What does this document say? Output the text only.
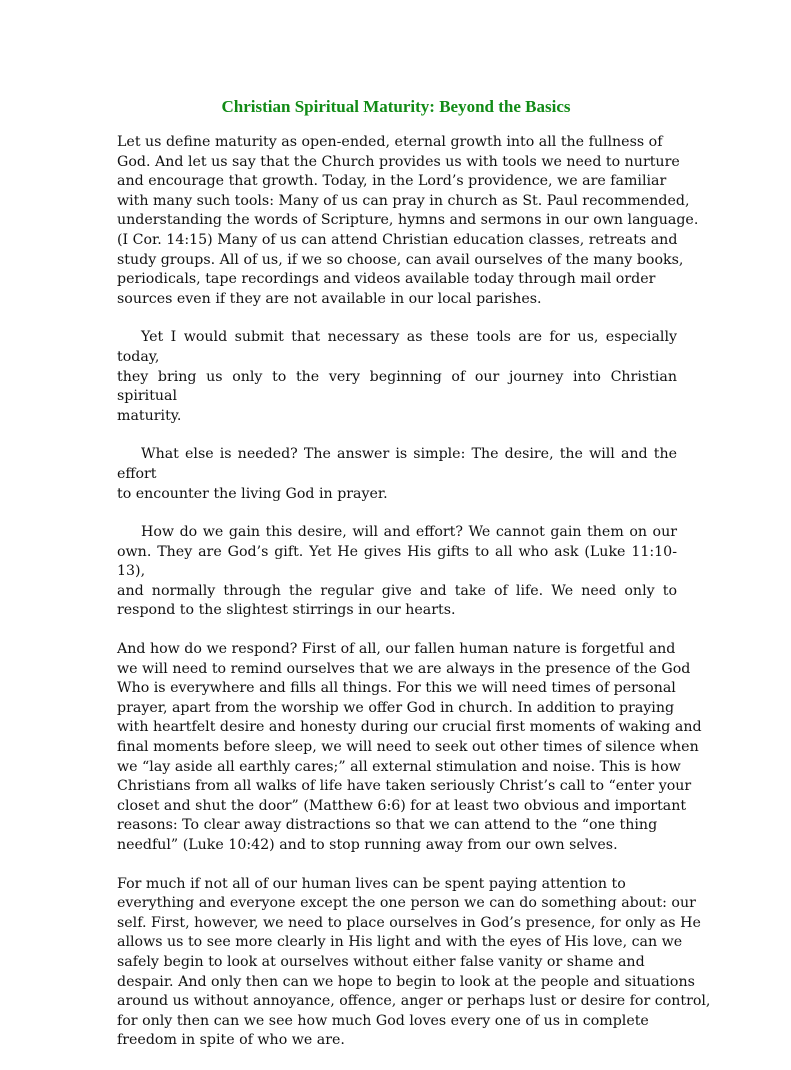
Christian Spiritual Maturity: Beyond the Basics

Let us define maturity as open-ended, eternal growth into all the fullness of
God. And let us say that the Church provides us with tools we need to nurture
and encourage that growth. Today, in the Lord’s providence, we are familiar
with many such tools: Many of us can pray in church as St. Paul recommended,
understanding the words of Scripture, hymns and sermons in our own language.
(I Cor. 14:15) Many of us can attend Christian education classes, retreats and
study groups. All of us, if we so choose, can avail ourselves of the many books,
periodicals, tape recordings and videos available today through mail order
sources even if they are not available in our local parishes.

Yet I would submit that necessary as these tools are for us, especially today,
they bring us only to the very beginning of our journey into Christian spiritual
maturity.

What else is needed? The answer is simple: The desire, the will and the effort
to encounter the living God in prayer.

How do we gain this desire, will and effort? We cannot gain them on our
own. They are God’s gift. Yet He gives His gifts to all who ask (Luke 11:10-13),
and normally through the regular give and take of life. We need only to
respond to the slightest stirrings in our hearts.

And how do we respond? First of all, our fallen human nature is forgetful and
we will need to remind ourselves that we are always in the presence of the God
Who is everywhere and fills all things. For this we will need times of personal
prayer, apart from the worship we offer God in church. In addition to praying
with heartfelt desire and honesty during our crucial first moments of waking and
final moments before sleep, we will need to seek out other times of silence when
we “lay aside all earthly cares;” all external stimulation and noise. This is how
Christians from all walks of life have taken seriously Christ’s call to “enter your
closet and shut the door” (Matthew 6:6) for at least two obvious and important
reasons: To clear away distractions so that we can attend to the “one thing
needful” (Luke 10:42) and to stop running away from our own selves.

For much if not all of our human lives can be spent paying attention to
everything and everyone except the one person we can do something about: our
self. First, however, we need to place ourselves in God’s presence, for only as He
allows us to see more clearly in His light and with the eyes of His love, can we
safely begin to look at ourselves without either false vanity or shame and
despair. And only then can we hope to begin to look at the people and situations
around us without annoyance, offence, anger or perhaps lust or desire for control,
for only then can we see how much God loves every one of us in complete
freedom in spite of who we are.
